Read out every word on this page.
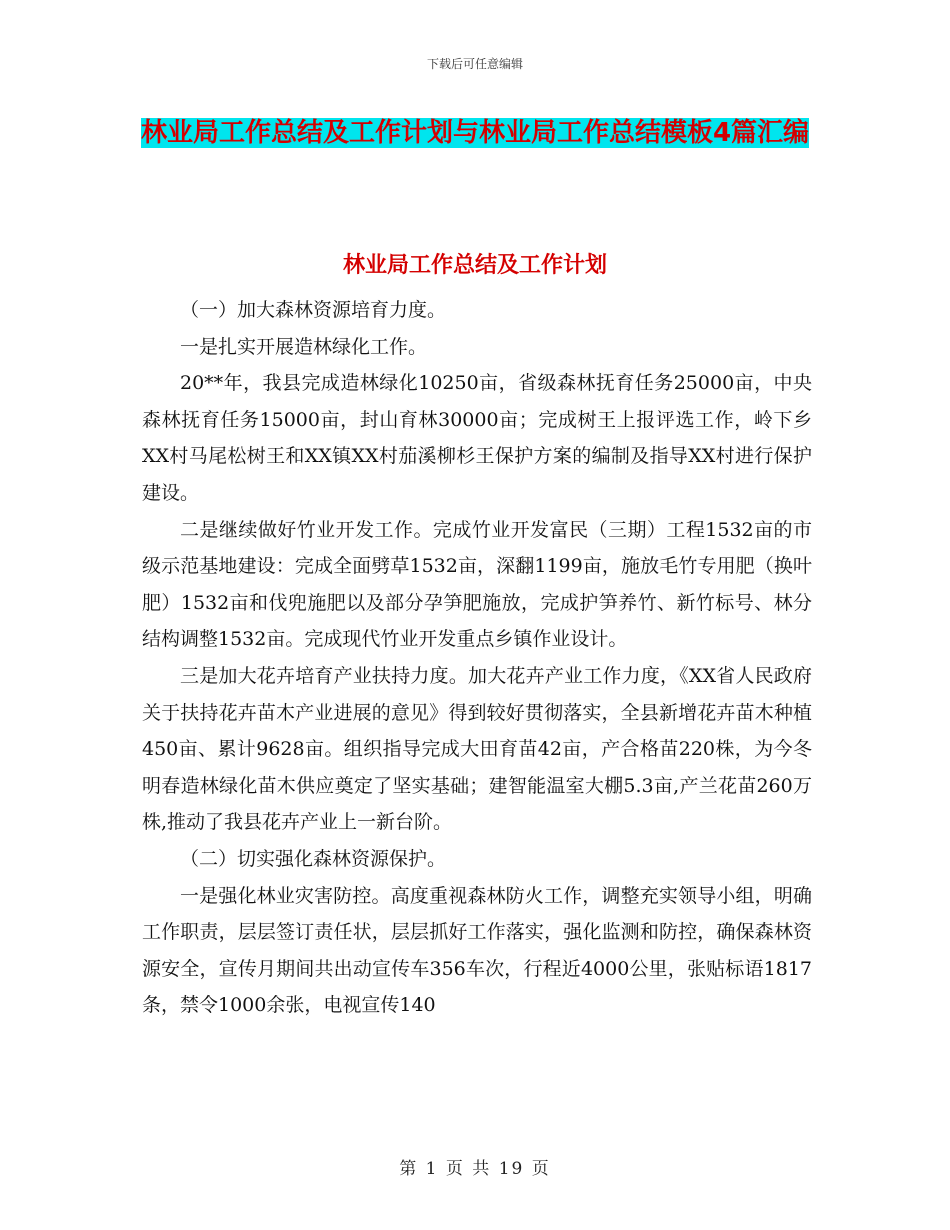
下载后可任意编辑
林业局工作总结及工作计划与林业局工作总结模板4篇汇编
林业局工作总结及工作计划

（一）加大森林资源培育力度。

一是扎实开展造林绿化工作。

20**年，我县完成造林绿化10250亩，省级森林抚育任务25000亩，中央森林抚育任务15000亩，封山育林30000亩；完成树王上报评选工作，岭下乡XX村马尾松树王和XX镇XX村茄溪柳杉王保护方案的编制及指导XX村进行保护建设。

二是继续做好竹业开发工作。完成竹业开发富民（三期）工程1532亩的市级示范基地建设：完成全面劈草1532亩，深翻1199亩，施放毛竹专用肥（换叶肥）1532亩和伐兜施肥以及部分孕笋肥施放，完成护笋养竹、新竹标号、林分结构调整1532亩。完成现代竹业开发重点乡镇作业设计。

三是加大花卉培育产业扶持力度。加大花卉产业工作力度，《XX省人民政府关于扶持花卉苗木产业进展的意见》得到较好贯彻落实，全县新增花卉苗木种植450亩、累计9628亩。组织指导完成大田育苗42亩，产合格苗220株，为今冬明春造林绿化苗木供应奠定了坚实基础；建智能温室大棚5.3亩,产兰花苗260万株,推动了我县花卉产业上一新台阶。

（二）切实强化森林资源保护。

一是强化林业灾害防控。高度重视森林防火工作，调整充实领导小组，明确工作职责，层层签订责任状，层层抓好工作落实，强化监测和防控，确保森林资源安全，宣传月期间共出动宣传车356车次，行程近4000公里，张贴标语1817条，禁令1000余张，电视宣传140

第 1 页 共 19 页
